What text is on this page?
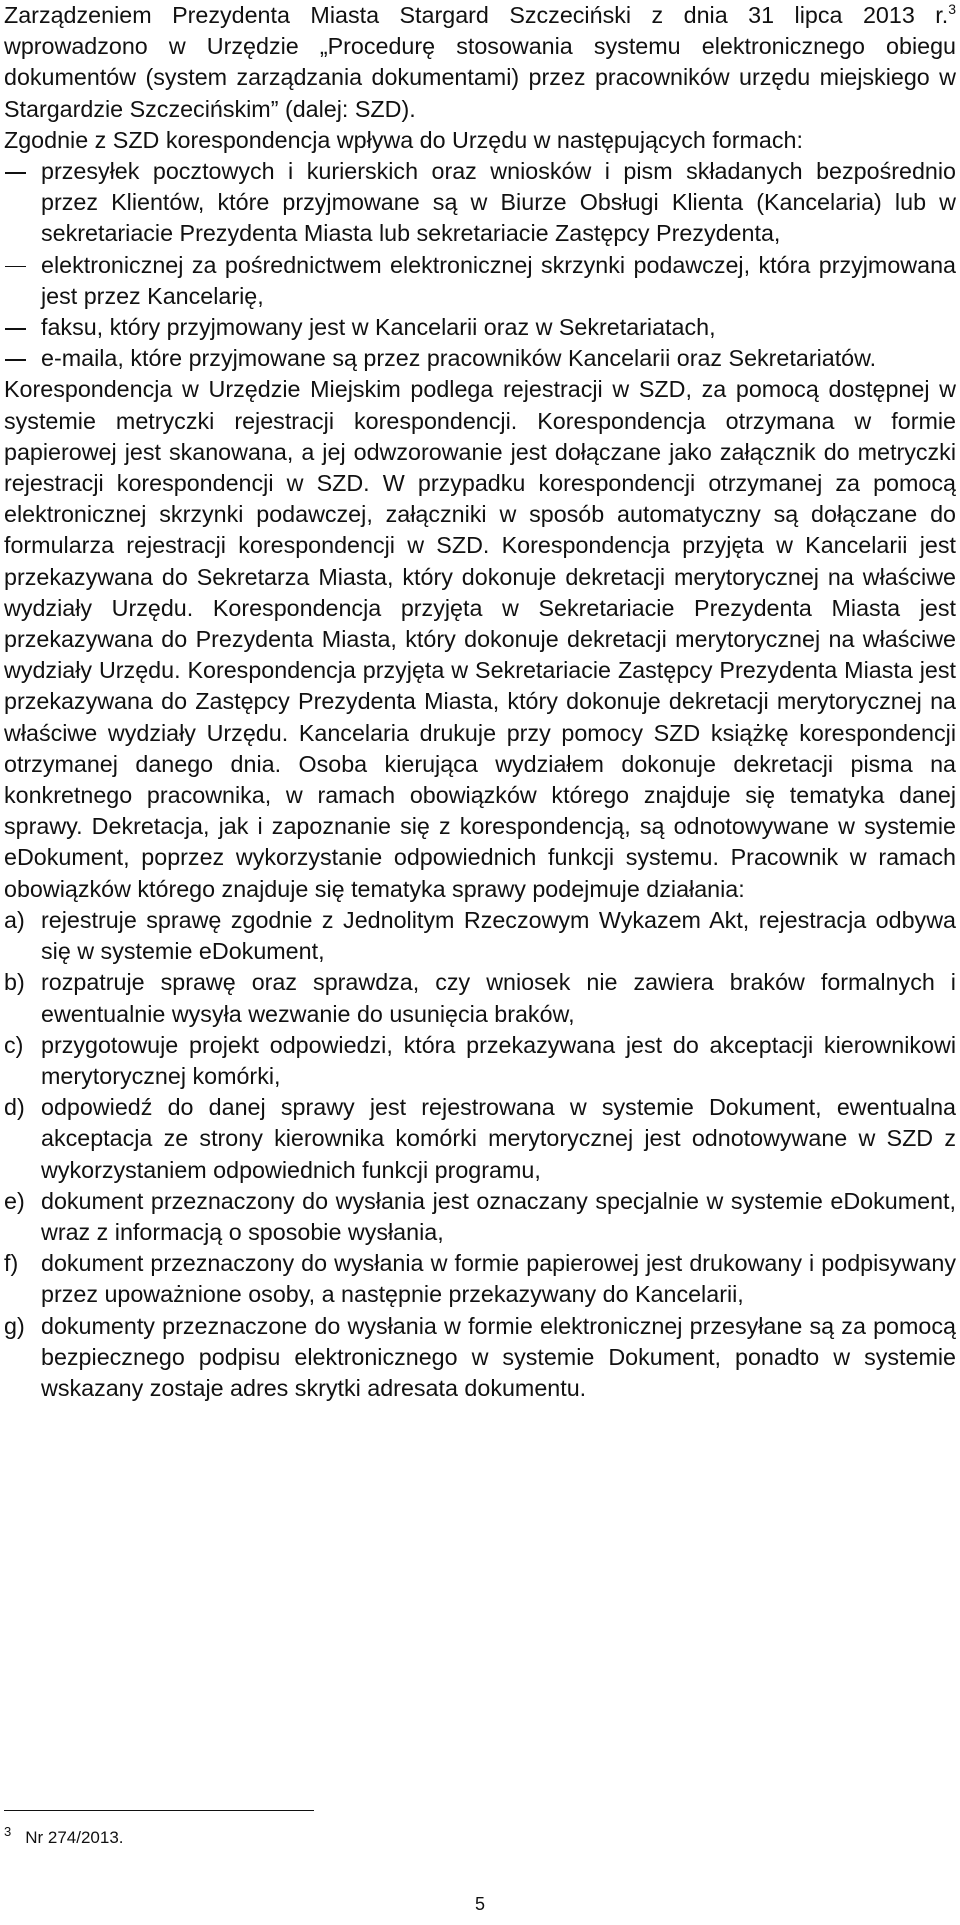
Zarządzeniem Prezydenta Miasta Stargard Szczeciński z dnia 31 lipca 2013 r.$^3$ wprowadzono w Urzędzie „Procedurę stosowania systemu elektronicznego obiegu dokumentów (system zarządzania dokumentami) przez pracowników urzędu miejskiego w Stargardzie Szczecińskim” (dalej: SZD).

Zgodnie z SZD korespondencja wpływa do Urzędu w następujących formach:

przesyłek pocztowych i kurierskich oraz wniosków i pism składanych bezpośrednio przez Klientów, które przyjmowane są w Biurze Obsługi Klienta (Kancelaria) lub w sekretariacie Prezydenta Miasta lub sekretariacie Zastępcy Prezydenta,
elektronicznej za pośrednictwem elektronicznej skrzynki podawczej, która przyjmowana jest przez Kancelarię,
faksu, który przyjmowany jest w Kancelarii oraz w Sekretariatach,
e-maila, które przyjmowane są przez pracowników Kancelarii oraz Sekretariatów.

Korespondencja w Urzędzie Miejskim podlega rejestracji w SZD, za pomocą dostępnej w systemie metryczki rejestracji korespondencji. Korespondencja otrzymana w formie papierowej jest skanowana, a jej odwzorowanie jest dołączane jako załącznik do metryczki rejestracji korespondencji w SZD. W przypadku korespondencji otrzymanej za pomocą elektronicznej skrzynki podawczej, załączniki w sposób automatyczny są dołączane do formularza rejestracji korespondencji w SZD. Korespondencja przyjęta w Kancelarii jest przekazywana do Sekretarza Miasta, który dokonuje dekretacji merytorycznej na właściwe wydziały Urzędu. Korespondencja przyjęta w Sekretariacie Prezydenta Miasta jest przekazywana do Prezydenta Miasta, który dokonuje dekretacji merytorycznej na właściwe wydziały Urzędu. Korespondencja przyjęta w Sekretariacie Zastępcy Prezydenta Miasta jest przekazywana do Zastępcy Prezydenta Miasta, który dokonuje dekretacji merytorycznej na właściwe wydziały Urzędu. Kancelaria drukuje przy pomocy SZD książkę korespondencji otrzymanej danego dnia. Osoba kierująca wydziałem dokonuje dekretacji pisma na konkretnego pracownika, w ramach obowiązków którego znajduje się tematyka danej sprawy. Dekretacja, jak i zapoznanie się z korespondencją, są odnotowywane w systemie eDokument, poprzez wykorzystanie odpowiednich funkcji systemu. Pracownik w ramach obowiązków którego znajduje się tematyka sprawy podejmuje działania:

a) rejestruje sprawę zgodnie z Jednolitym Rzeczowym Wykazem Akt, rejestracja odbywa się w systemie eDokument,
b) rozpatruje sprawę oraz sprawdza, czy wniosek nie zawiera braków formalnych i ewentualnie wysyła wezwanie do usunięcia braków,
c) przygotowuje projekt odpowiedzi, która przekazywana jest do akceptacji kierownikowi merytorycznej komórki,
d) odpowiedź do danej sprawy jest rejestrowana w systemie Dokument, ewentualna akceptacja ze strony kierownika komórki merytorycznej jest odnotowywane w SZD z wykorzystaniem odpowiednich funkcji programu,
e) dokument przeznaczony do wysłania jest oznaczany specjalnie w systemie eDokument, wraz z informacją o sposobie wysłania,
f) dokument przeznaczony do wysłania w formie papierowej jest drukowany i podpisywany przez upoważnione osoby, a następnie przekazywany do Kancelarii,
g) dokumenty przeznaczone do wysłania w formie elektronicznej przesyłane są za pomocą bezpiecznego podpisu elektronicznego w systemie Dokument, ponadto w systemie wskazany zostaje adres skrytki adresata dokumentu.
$^3$ Nr 274/2013.
5
